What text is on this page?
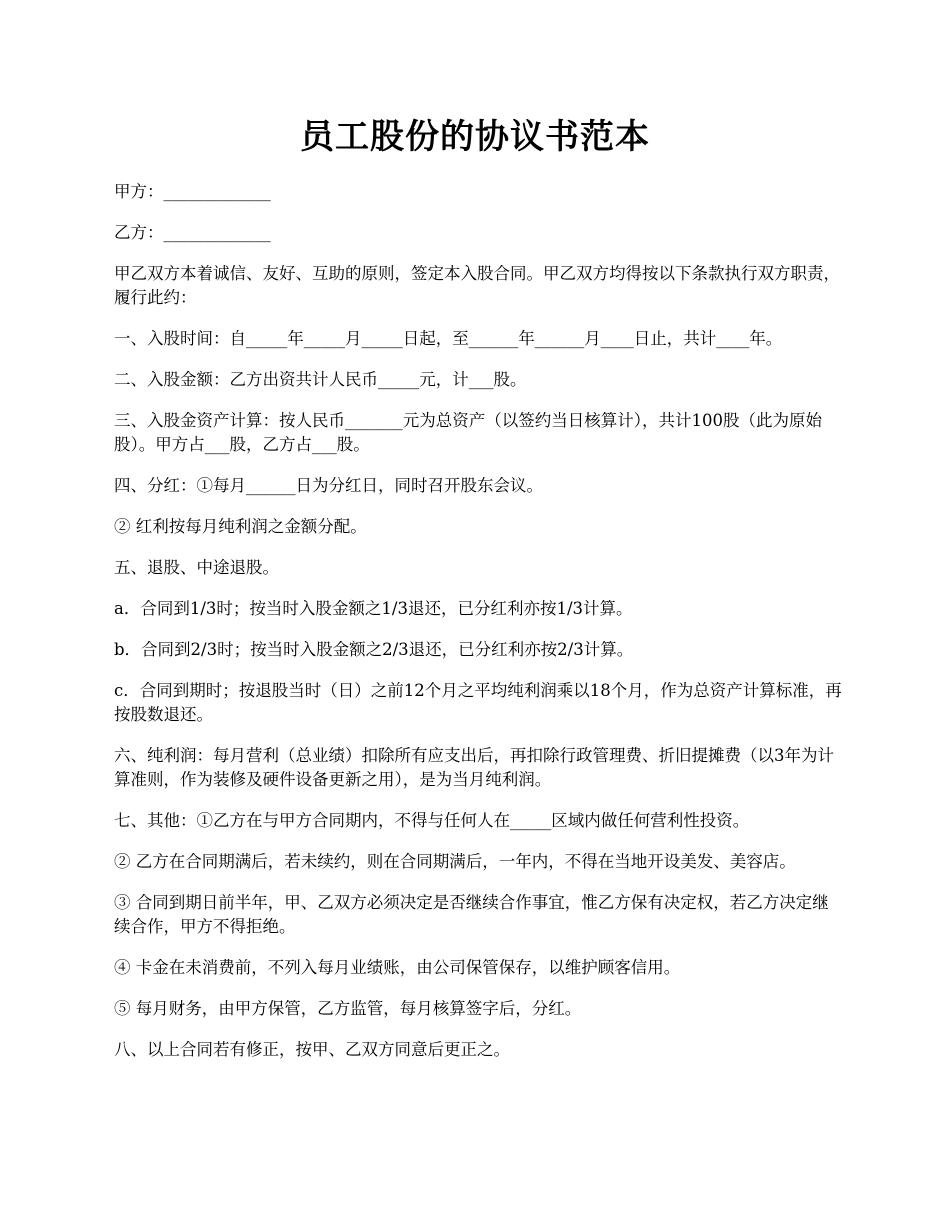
员工股份的协议书范本

甲方：_____________

乙方：_____________

甲乙双方本着诚信、友好、互助的原则，签定本入股合同。甲乙双方均得按以下条款执行双方职责，履行此约：

一、入股时间：自_____年_____月_____日起，至______年______月____日止，共计____年。

二、入股金额：乙方出资共计人民币_____元，计___股。

三、入股金资产计算：按人民币_______元为总资产（以签约当日核算计），共计100股（此为原始股）。甲方占___股，乙方占___股。

四、分红：①每月______日为分红日，同时召开股东会议。

② 红利按每月纯利润之金额分配。

五、退股、中途退股。

a．合同到1/3时；按当时入股金额之1/3退还，已分红利亦按1/3计算。

b．合同到2/3时；按当时入股金额之2/3退还，已分红利亦按2/3计算。

c．合同到期时；按退股当时（日）之前12个月之平均纯利润乘以18个月，作为总资产计算标准，再按股数退还。

六、纯利润：每月营利（总业绩）扣除所有应支出后，再扣除行政管理费、折旧提摊费（以3年为计算准则，作为装修及硬件设备更新之用），是为当月纯利润。

七、其他：①乙方在与甲方合同期内，不得与任何人在_____区域内做任何营利性投资。

② 乙方在合同期满后，若未续约，则在合同期满后，一年内，不得在当地开设美发、美容店。

③ 合同到期日前半年，甲、乙双方必须决定是否继续合作事宜，惟乙方保有决定权，若乙方决定继续合作，甲方不得拒绝。

④ 卡金在未消费前，不列入每月业绩账，由公司保管保存，以维护顾客信用。

⑤ 每月财务，由甲方保管，乙方监管，每月核算签字后，分红。

八、以上合同若有修正，按甲、乙双方同意后更正之。
